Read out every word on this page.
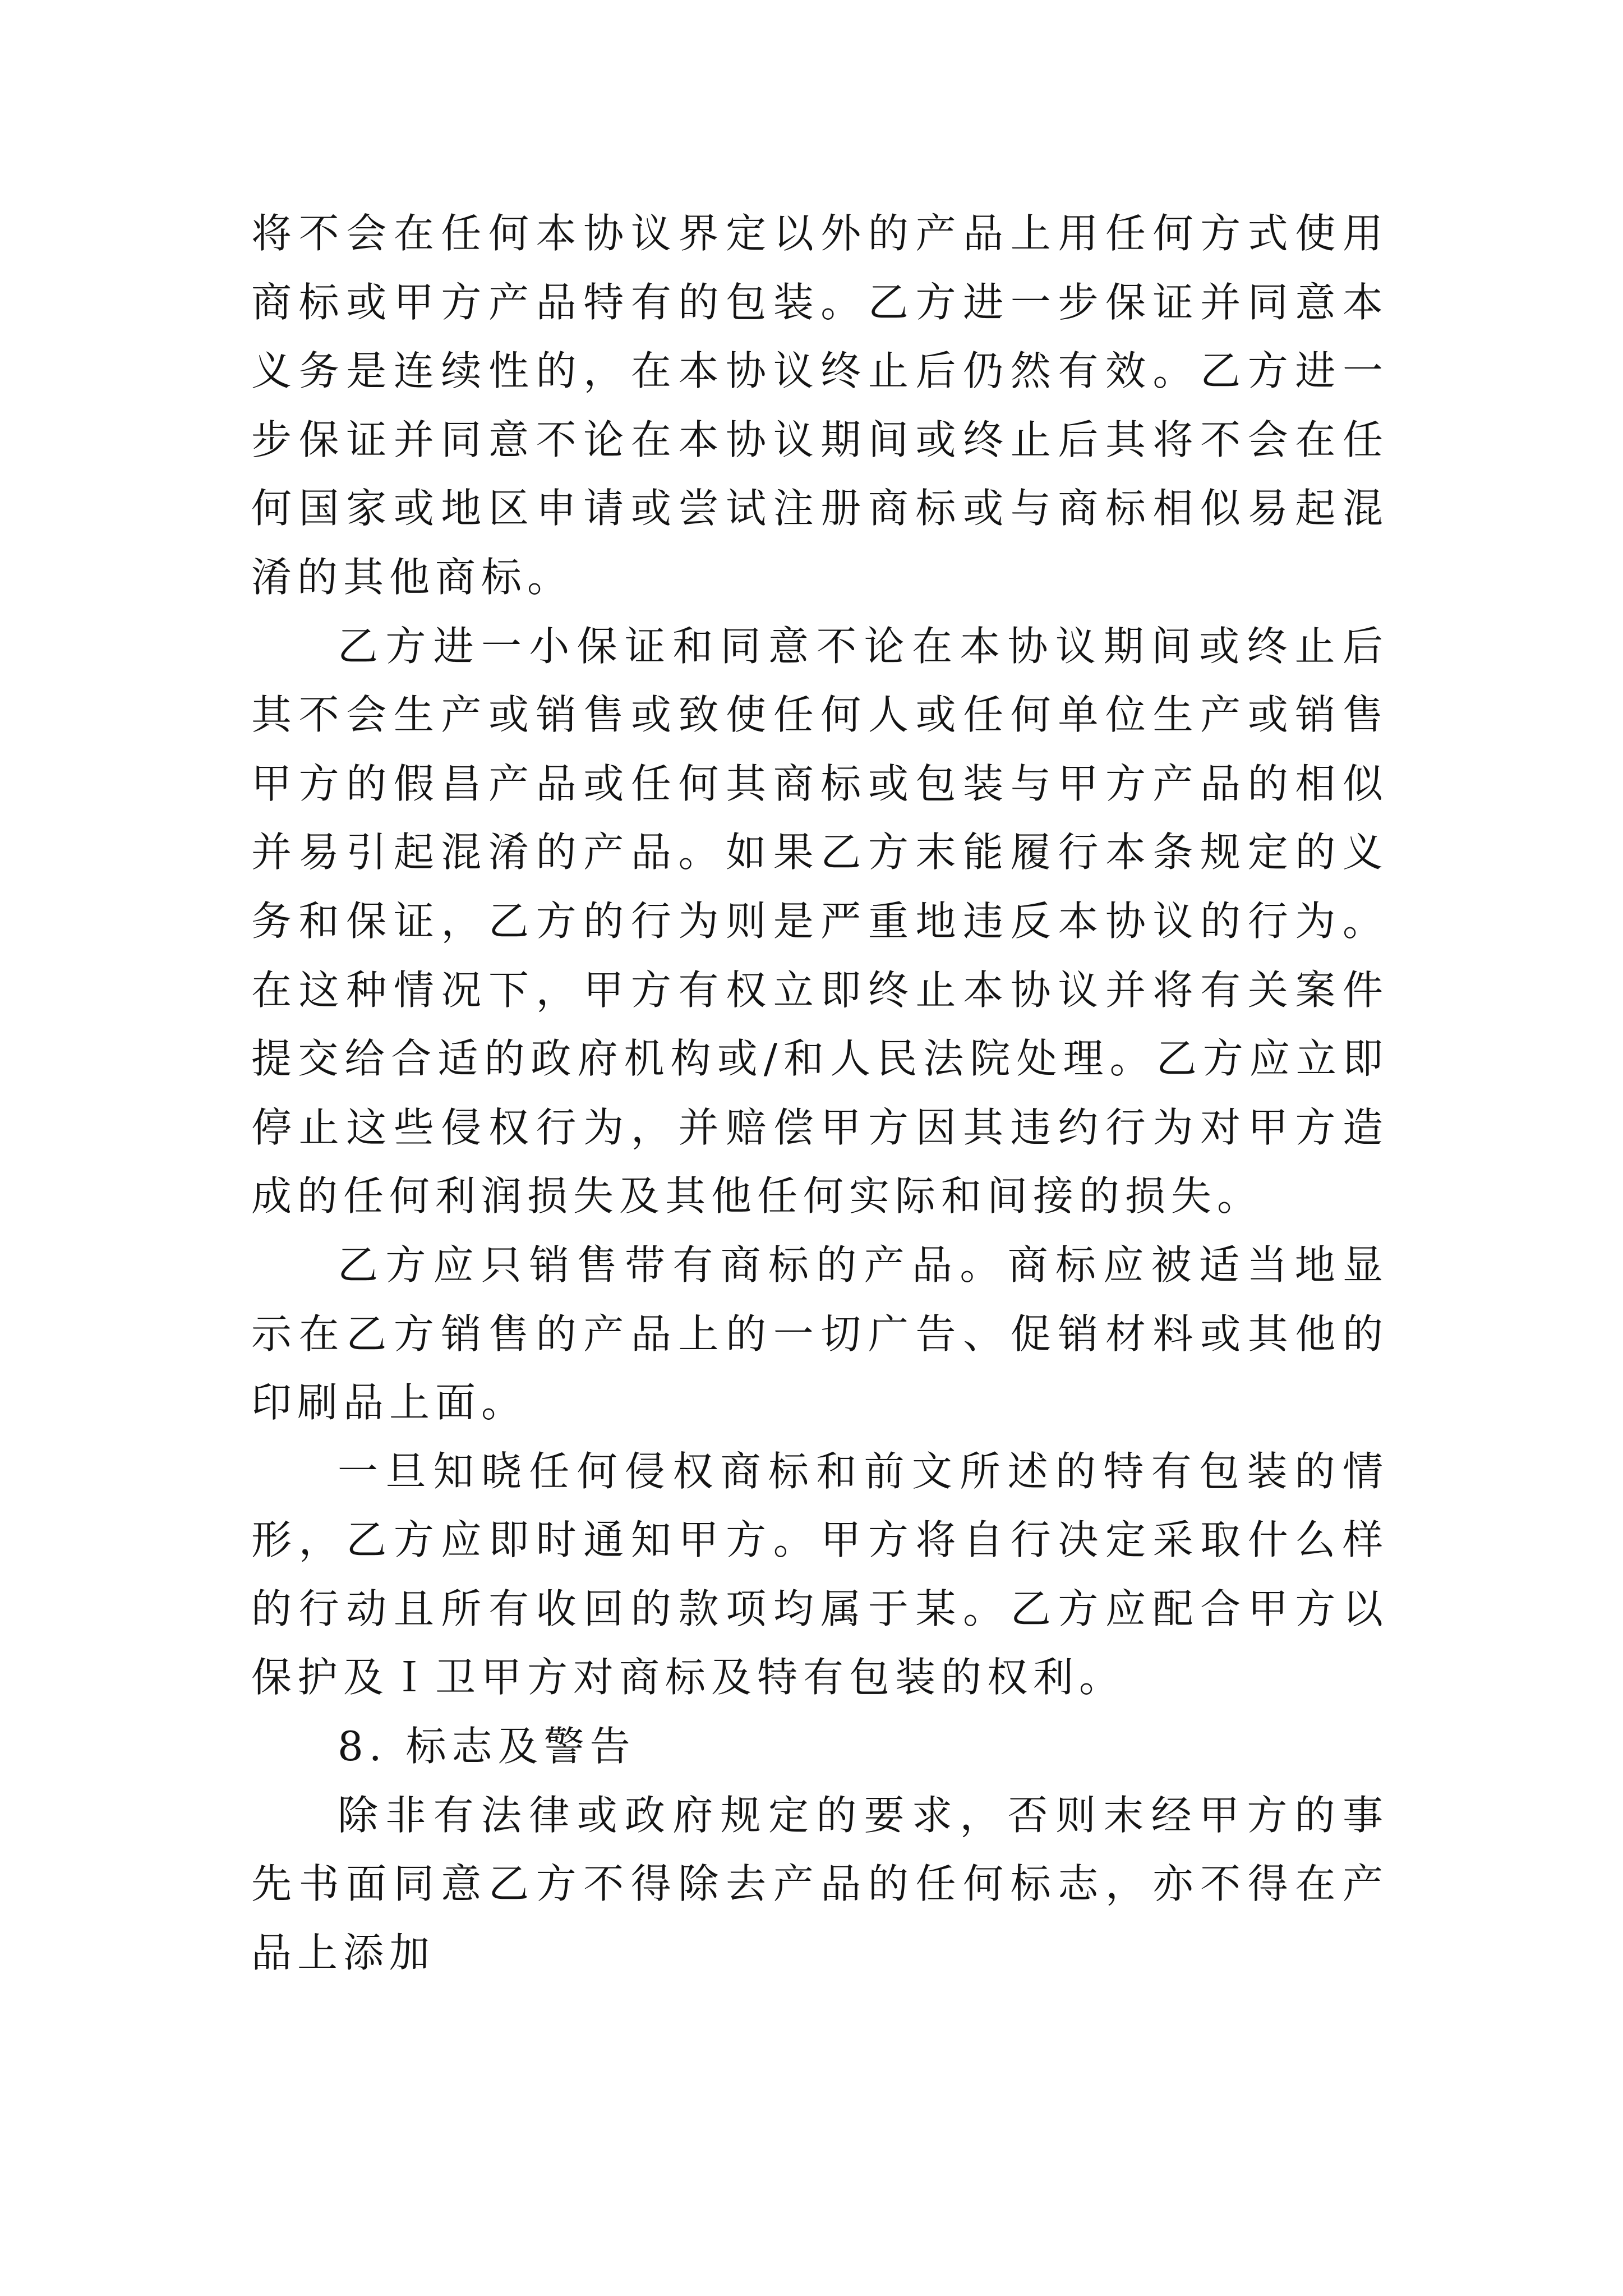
将不会在任何本协议界定以外的产品上用任何方式使用商标或甲方产品特有的包装。乙方进一步保证并同意本义务是连续性的，在本协议终止后仍然有效。乙方进一步保证并同意不论在本协议期间或终止后其将不会在任何国家或地区申请或尝试注册商标或与商标相似易起混淆的其他商标。

乙方进一小保证和同意不论在本协议期间或终止后其不会生产或销售或致使任何人或任何单位生产或销售甲方的假昌产品或任何其商标或包装与甲方产品的相似并易引起混淆的产品。如果乙方末能履行本条规定的义务和保证，乙方的行为则是严重地违反本协议的行为。在这种情况下，甲方有权立即终止本协议并将有关案件提交给合适的政府机构或/和人民法院处理。乙方应立即停止这些侵权行为，并赔偿甲方因其违约行为对甲方造成的任何利润损失及其他任何实际和间接的损失。

乙方应只销售带有商标的产品。商标应被适当地显示在乙方销售的产品上的一切广告、促销材料或其他的印刷品上面。

一旦知晓任何侵权商标和前文所述的特有包装的情形，乙方应即时通知甲方。甲方将自行决定采取什么样的行动且所有收回的款项均属于某。乙方应配合甲方以保护及Ｉ卫甲方对商标及特有包装的权利。

8. 标志及警告

除非有法律或政府规定的要求，否则末经甲方的事先书面同意乙方不得除去产品的任何标志，亦不得在产品上添加
